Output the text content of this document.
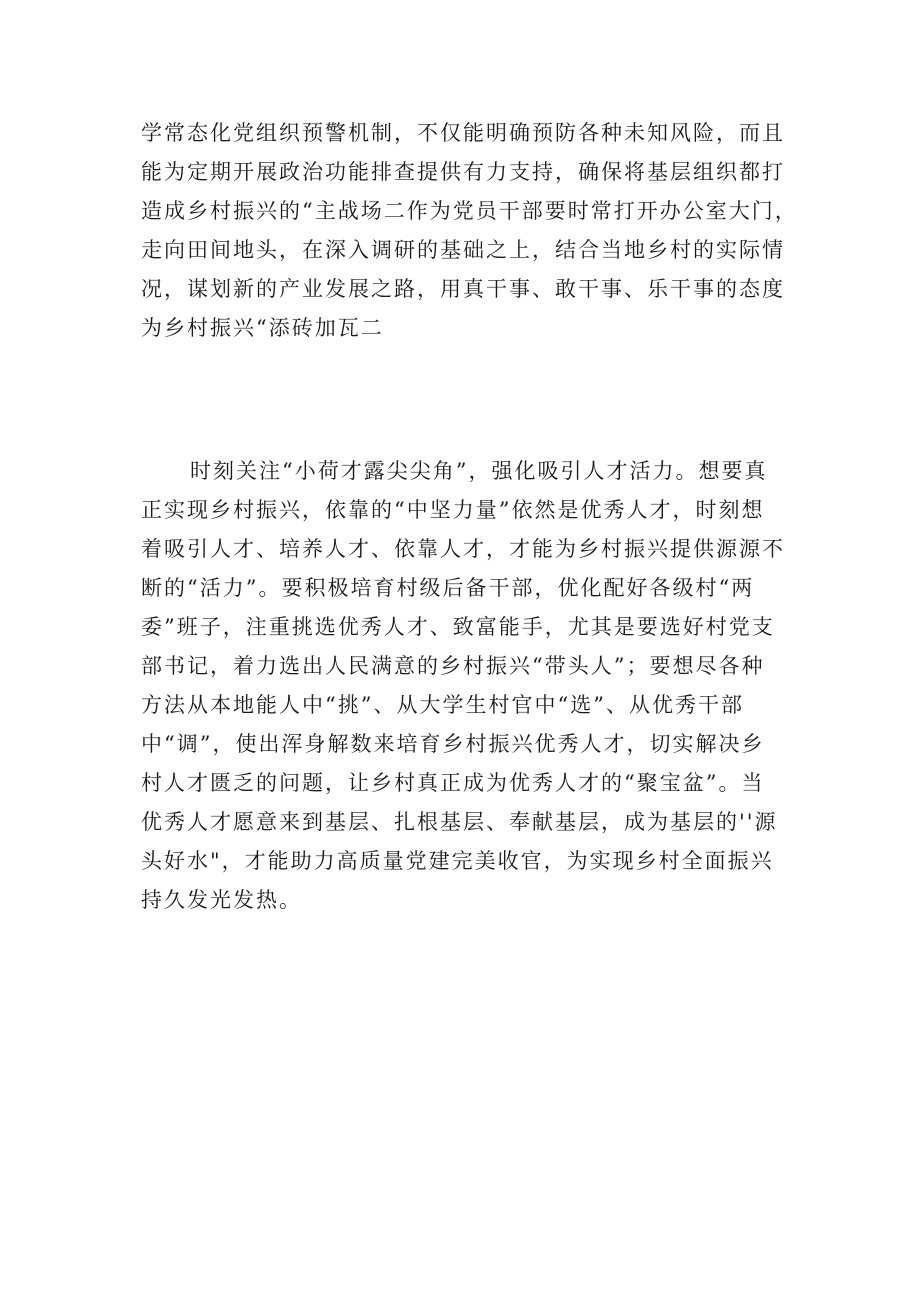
学常态化党组织预警机制，不仅能明确预防各种未知风险，而且
能为定期开展政治功能排查提供有力支持，确保将基层组织都打
造成乡村振兴的“主战场二作为党员干部要时常打开办公室大门，
走向田间地头，在深入调研的基础之上，结合当地乡村的实际情
况，谋划新的产业发展之路，用真干事、敢干事、乐干事的态度
为乡村振兴“添砖加瓦二
时刻关注“小荷才露尖尖角”，强化吸引人才活力。想要真
正实现乡村振兴，依靠的“中坚力量”依然是优秀人才，时刻想
着吸引人才、培养人才、依靠人才，才能为乡村振兴提供源源不
断的“活力”。要积极培育村级后备干部，优化配好各级村“两
委”班子，注重挑选优秀人才、致富能手，尤其是要选好村党支
部书记，着力选出人民满意的乡村振兴“带头人”；要想尽各种
方法从本地能人中“挑”、从大学生村官中“选”、从优秀干部
中“调”，使出浑身解数来培育乡村振兴优秀人才，切实解决乡
村人才匮乏的问题，让乡村真正成为优秀人才的“聚宝盆”。当
优秀人才愿意来到基层、扎根基层、奉献基层，成为基层的''源
头好水"，才能助力高质量党建完美收官，为实现乡村全面振兴
持久发光发热。
